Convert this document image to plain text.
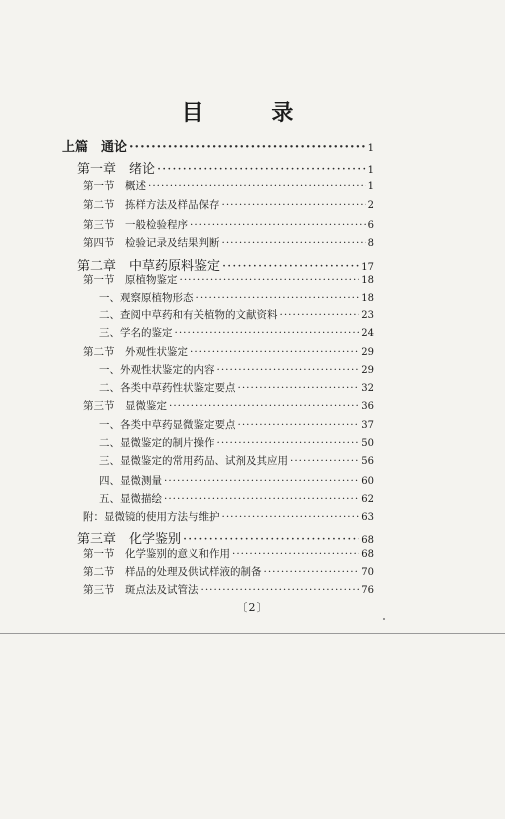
目 录
上篇　通论 ·····	1
第一章　绪论 ·····	1
第一节　概述 ·····	1
第二节　拣样方法及样品保存 ·····	2
第三节　一般检验程序 ·····	6
第四节　检验记录及结果判断 ·····	8
第二章　中草药原料鉴定 ·····	17
第一节　原植物鉴定 ·····	18
一、观察原植物形态 ·····	18
二、查阅中草药和有关植物的文献资料 ·····	23
三、学名的鉴定 ·····	24
第二节　外观性状鉴定 ·····	29
一、外观性状鉴定的内容 ·····	29
二、各类中草药性状鉴定要点 ·····	32
第三节　显微鉴定 ·····	36
一、各类中草药显微鉴定要点 ·····	37
二、显微鉴定的制片操作 ·····	50
三、显微鉴定的常用药品、试剂及其应用 ·····	56
四、显微测量 ·····	60
五、显微描绘 ·····	62
附：显微镜的使用方法与维护 ·····	63
第三章　化学鉴别 ·····	68
第一节　化学鉴别的意义和作用 ·····	68
第二节　样品的处理及供试样液的制备 ·····	70
第三节　斑点法及试管法 ·····	76
〔2〕
